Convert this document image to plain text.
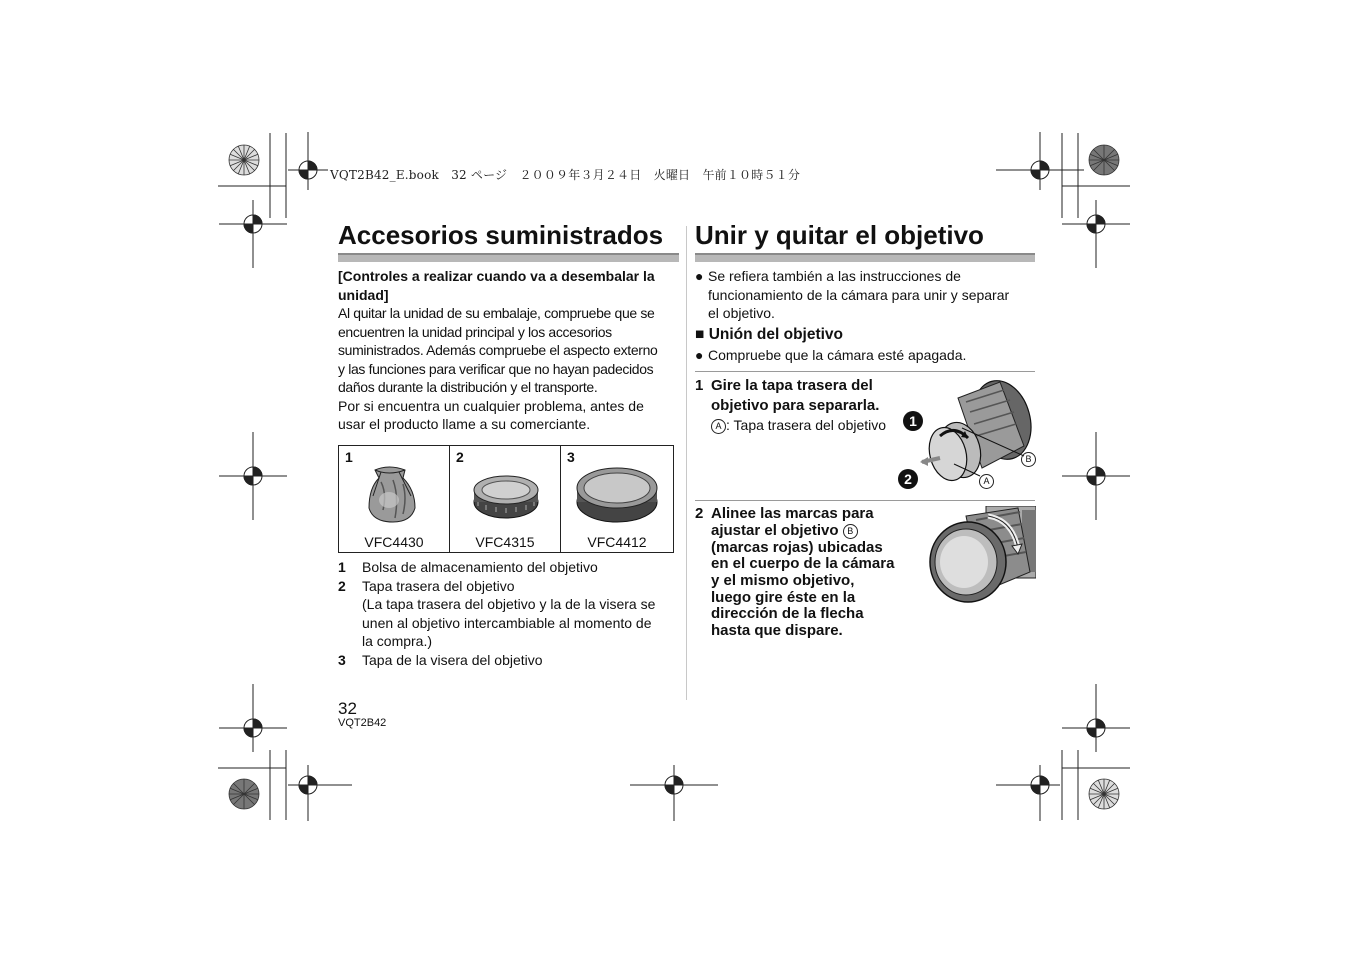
VQT2B42_E.book　32 ページ　２００９年３月２４日　火曜日　午前１０時５１分
Accesorios suministrados
[Controles a realizar cuando va a desembalar la unidad]
Al quitar la unidad de su embalaje, compruebe que se
encuentren la unidad principal y los accesorios
suministrados. Además compruebe el aspecto externo
y las funciones para verificar que no hayan padecidos
daños durante la distribución y el transporte.
Por si encuentra un cualquier problema, antes de
usar el producto llame a su comerciante.
1
VFC4430
2
VFC4315
3
VFC4412
1 Bolsa de almacenamiento del objetivo
2 Tapa trasera del objetivo
(La tapa trasera del objetivo y la de la visera se
unen al objetivo intercambiable al momento de
la compra.)
3 Tapa de la visera del objetivo
32
VQT2B42
Unir y quitar el objetivo
● Se refiera también a las instrucciones de
funcionamiento de la cámara para unir y separar
el objetivo.
■ Unión del objetivo
● Compruebe que la cámara esté apagada.
1 Gire la tapa trasera del
objetivo para separarla.
A : Tapa trasera del objetivo	1
2
B
A
2 Alinee las marcas para
ajustar el objetivo B
(marcas rojas) ubicadas
en el cuerpo de la cámara
y el mismo objetivo,
luego gire éste en la
dirección de la flecha
hasta que dispare.
